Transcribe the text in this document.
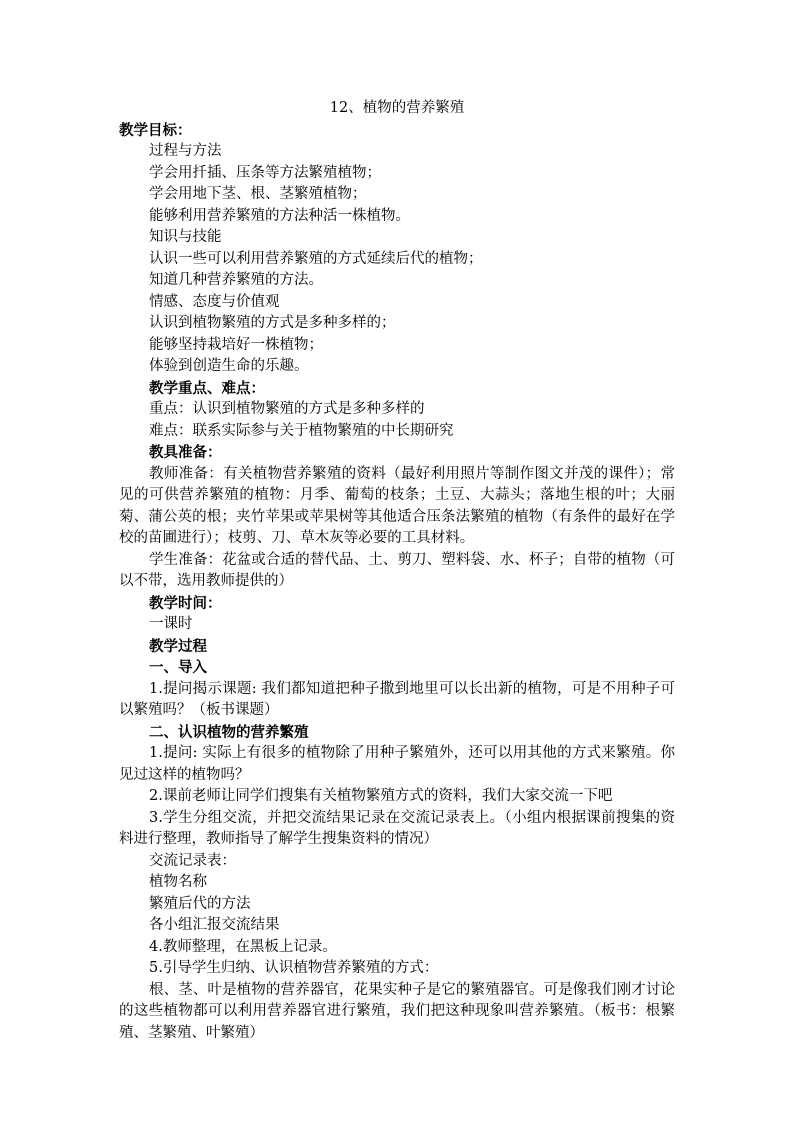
12、植物的营养繁殖
教学目标：
过程与方法
学会用扦插、压条等方法繁殖植物；
学会用地下茎、根、茎繁殖植物；
能够利用营养繁殖的方法种活一株植物。
知识与技能
认识一些可以利用营养繁殖的方式延续后代的植物；
知道几种营养繁殖的方法。
情感、态度与价值观
认识到植物繁殖的方式是多种多样的；
能够坚持栽培好一株植物；
体验到创造生命的乐趣。
教学重点、难点：
重点：认识到植物繁殖的方式是多种多样的
难点：联系实际参与关于植物繁殖的中长期研究
教具准备：
教师准备：有关植物营养繁殖的资料（最好利用照片等制作图文并茂的课件）；常见的可供营养繁殖的植物：月季、葡萄的枝条；土豆、大蒜头；落地生根的叶；大丽菊、蒲公英的根；夹竹苹果或苹果树等其他适合压条法繁殖的植物（有条件的最好在学校的苗圃进行）；枝剪、刀、草木灰等必要的工具材料。
学生准备：花盆或合适的替代品、土、剪刀、塑料袋、水、杯子；自带的植物（可以不带，选用教师提供的）
教学时间：
一课时
教学过程
一、导入
1.提问揭示课题: 我们都知道把种子撒到地里可以长出新的植物，可是不用种子可以繁殖吗？（板书课题）
二、认识植物的营养繁殖
1.提问: 实际上有很多的植物除了用种子繁殖外，还可以用其他的方式来繁殖。你见过这样的植物吗？
2.课前老师让同学们搜集有关植物繁殖方式的资料，我们大家交流一下吧
3.学生分组交流，并把交流结果记录在交流记录表上。（小组内根据课前搜集的资料进行整理，教师指导了解学生搜集资料的情况）
交流记录表：
植物名称
繁殖后代的方法
各小组汇报交流结果
4.教师整理，在黑板上记录。
5.引导学生归纳、认识植物营养繁殖的方式：
根、茎、叶是植物的营养器官，花果实种子是它的繁殖器官。可是像我们刚才讨论的这些植物都可以利用营养器官进行繁殖，我们把这种现象叫营养繁殖。（板书：根繁殖、茎繁殖、叶繁殖）
